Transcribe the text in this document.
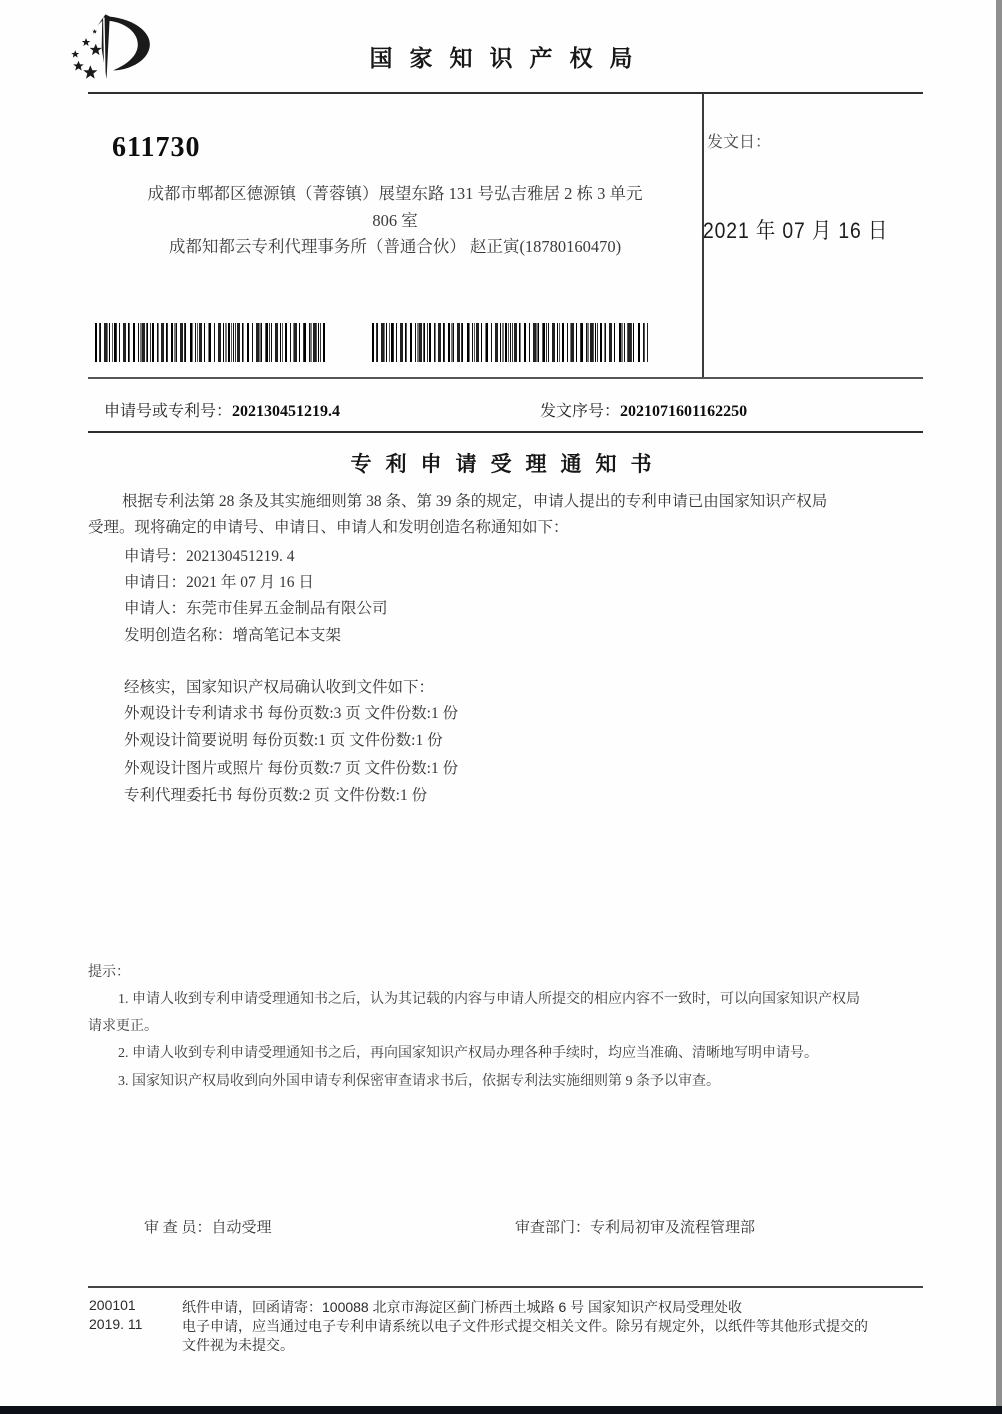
国家知识产权局
611730
成都市郫都区德源镇（菁蓉镇）展望东路 131 号弘吉雅居 2 栋 3 单元
806 室
成都知都云专利代理事务所（普通合伙） 赵正寅(18780160470)
发文日：
2021 年 07 月 16 日
申请号或专利号：202130451219.4	发文序号：2021071601162250
专利申请受理通知书
根据专利法第 28 条及其实施细则第 38 条、第 39 条的规定，申请人提出的专利申请已由国家知识产权局
受理。现将确定的申请号、申请日、申请人和发明创造名称通知如下：
申请号：202130451219. 4
申请日：2021 年 07 月 16 日
申请人：东莞市佳昇五金制品有限公司
发明创造名称：增高笔记本支架
经核实，国家知识产权局确认收到文件如下：
外观设计专利请求书 每份页数:3 页 文件份数:1 份
外观设计简要说明 每份页数:1 页 文件份数:1 份
外观设计图片或照片 每份页数:7 页 文件份数:1 份
专利代理委托书 每份页数:2 页 文件份数:1 份
提示：
1. 申请人收到专利申请受理通知书之后，认为其记载的内容与申请人所提交的相应内容不一致时，可以向国家知识产权局
请求更正。
2. 申请人收到专利申请受理通知书之后，再向国家知识产权局办理各种手续时，均应当准确、清晰地写明申请号。
3. 国家知识产权局收到向外国申请专利保密审查请求书后，依据专利法实施细则第 9 条予以审查。
审 查 员：自动受理	审查部门：专利局初审及流程管理部
200101
2019. 11
纸件申请，回函请寄：100088 北京市海淀区蓟门桥西土城路 6 号 国家知识产权局受理处收
电子申请，应当通过电子专利申请系统以电子文件形式提交相关文件。除另有规定外，以纸件等其他形式提交的
文件视为未提交。
